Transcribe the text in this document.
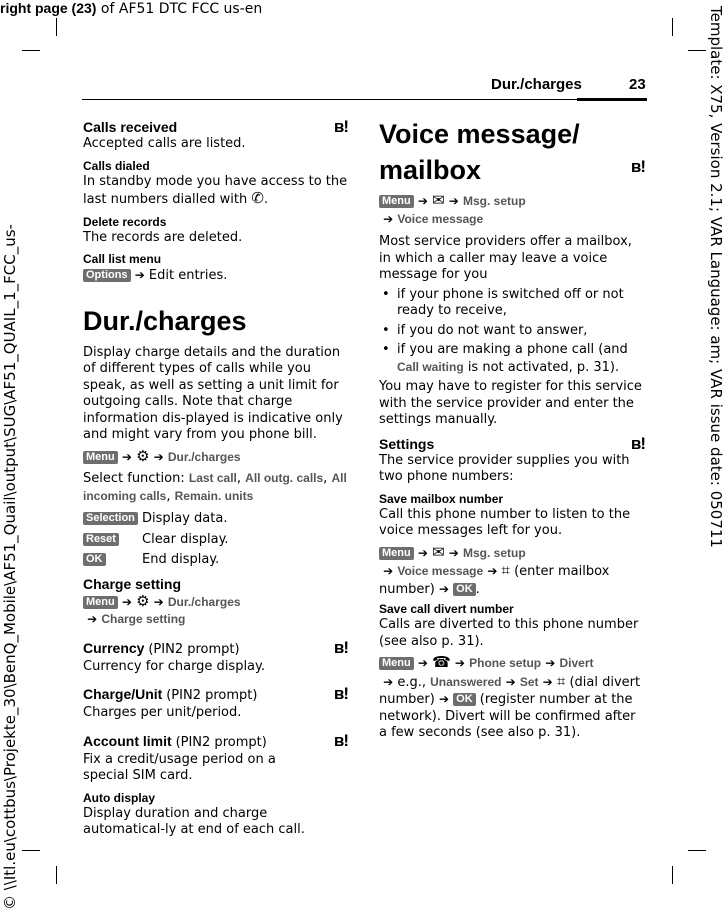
right page (23) of AF51 DTC FCC us-en	Template: X75, Version 2.1; VAR Language: am; VAR issue date: 050711
© \\Itl.eu\cottbus\Projekte_30\BenQ_Mobile\AF51_Quail\output\SUG\AF51_QUAIL_1_FCC_us-
Dur./charges	23
Calls received	ʙ!

Accepted calls are listed.

Calls dialed

In standby mode you have access to the last numbers dialled with ✆.

Delete records

The records are deleted.

Call list menu

Options ➔ Edit entries.

Dur./charges

Display charge details and the duration of different types of calls while you speak, as well as setting a unit limit for outgoing calls. Note that charge information dis-played is indicative only and might vary from you phone bill.

Menu ➔ ⚙ ➔ Dur./charges

Select function: Last call, All outg. calls, All incoming calls, Remain. units

Selection Display data.

Reset	Clear display.

OK	End display.

Charge setting

Menu ➔ ⚙ ➔ Dur./charges
➔ Charge setting

Currency (PIN2 prompt)	ʙ!

Currency for charge display.

Charge/Unit (PIN2 prompt)	ʙ!

Charges per unit/period.

Account limit (PIN2 prompt)	ʙ!

Fix a credit/usage period on a special SIM card.

Auto display

Display duration and charge automatical-ly at end of each call.

Voice message/
mailbox	ʙ!

Menu ➔ ✉ ➔ Msg. setup
➔ Voice message

Most service providers offer a mailbox, in which a caller may leave a voice message for you

• if your phone is switched off or not ready to receive,
• if you do not want to answer,
• if you are making a phone call (and Call waiting is not activated, p. 31).

You may have to register for this service with the service provider and enter the settings manually.

Settings	ʙ!

The service provider supplies you with two phone numbers:

Save mailbox number

Call this phone number to listen to the voice messages left for you.

Menu ➔ ✉ ➔ Msg. setup
➔ Voice message ➔ ⌗ (enter mailbox number) ➔ OK .

Save call divert number

Calls are diverted to this phone number (see also p. 31).

Menu ➔ ☎ ➔ Phone setup ➔ Divert
➔ e.g., Unanswered ➔ Set ➔ ⌗ (dial divert number) ➔ OK (register number at the network). Divert will be confirmed after a few seconds (see also p. 31).
